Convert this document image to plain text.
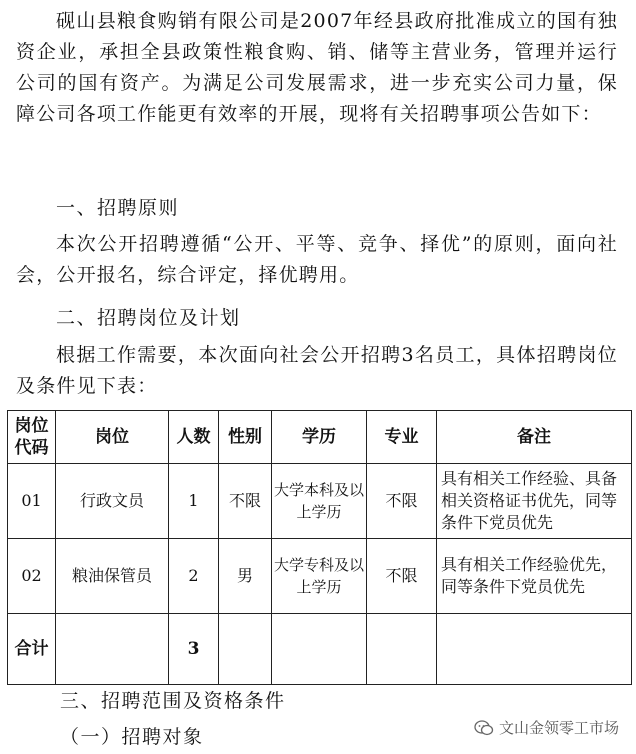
砚山县粮食购销有限公司是2007年经县政府批准成立的国有独资企业，承担全县政策性粮食购、销、储等主营业务，管理并运行公司的国有资产。为满足公司发展需求，进一步充实公司力量，保障公司各项工作能更有效率的开展，现将有关招聘事项公告如下：

一、招聘原则

本次公开招聘遵循“公开、平等、竞争、择优”的原则，面向社会，公开报名，综合评定，择优聘用。

二、招聘岗位及计划

根据工作需要，本次面向社会公开招聘3名员工，具体招聘岗位及条件见下表：

岗位代码	岗位	人数	性别	学历	专业	备注
01	行政文员	1	不限	大学本科及以上学历	不限	具有相关工作经验、具备相关资格证书优先，同等条件下党员优先
02	粮油保管员	2	男	大学专科及以上学历	不限	具有相关工作经验优先，同等条件下党员优先
合计		3				

三、招聘范围及资格条件

（一）招聘对象	文山金领零工市场
